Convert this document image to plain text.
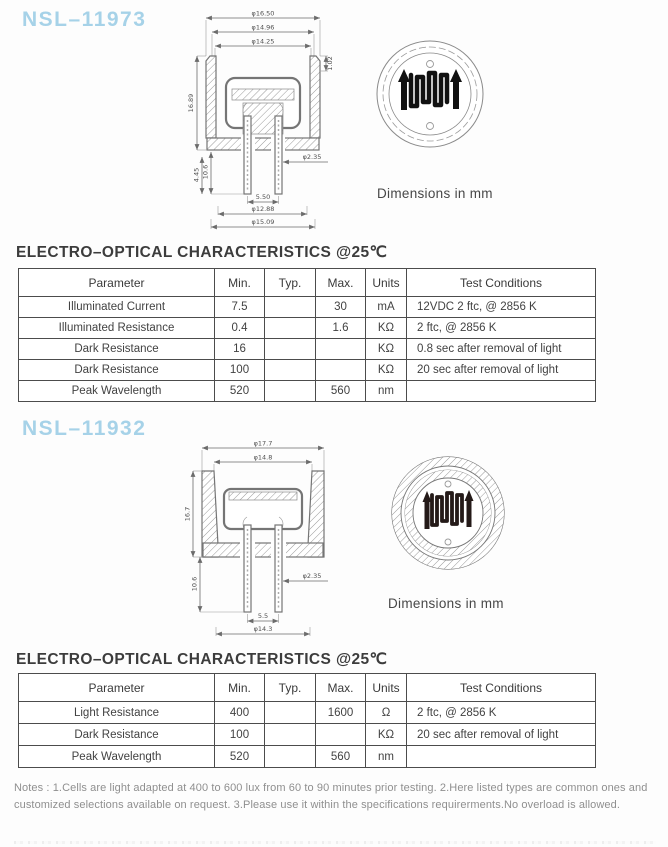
NSL–11973	φ16.50
φ14.96
φ14.25
16.89
4.45 10.6
1.02
φ2.35
5.50
φ12.88
φ15.09
Dimensions in mm
ELECTRO–OPTICAL CHARACTERISTICS @25℃
Parameter	Min.	Typ.	Max.	Units	Test Conditions
Illuminated Current	7.5		30	mA	12VDC 2 ftc, @ 2856 K
Illuminated Resistance	0.4		1.6	KΩ	2 ftc, @ 2856 K
Dark Resistance	16			KΩ	0.8 sec after removal of light
Dark Resistance	100			KΩ	20 sec after removal of light
Peak Wavelength	520		560	nm	
NSL–11932
φ17.7
φ14.8
16.7
10.6
φ2.35
5.5
φ14.3
Dimensions in mm
ELECTRO–OPTICAL CHARACTERISTICS @25℃
Parameter	Min.	Typ.	Max.	Units	Test Conditions
Light Resistance	400		1600	Ω	2 ftc, @ 2856 K
Dark Resistance	100			KΩ	20 sec after removal of light
Peak Wavelength	520		560	nm	
Notes : 1.Cells are light adapted at 400 to 600 lux from 60 to 90 minutes prior testing. 2.Here listed types are common ones and customized selections available on request. 3.Please use it within the specifications requirerments.No overload is allowed.
